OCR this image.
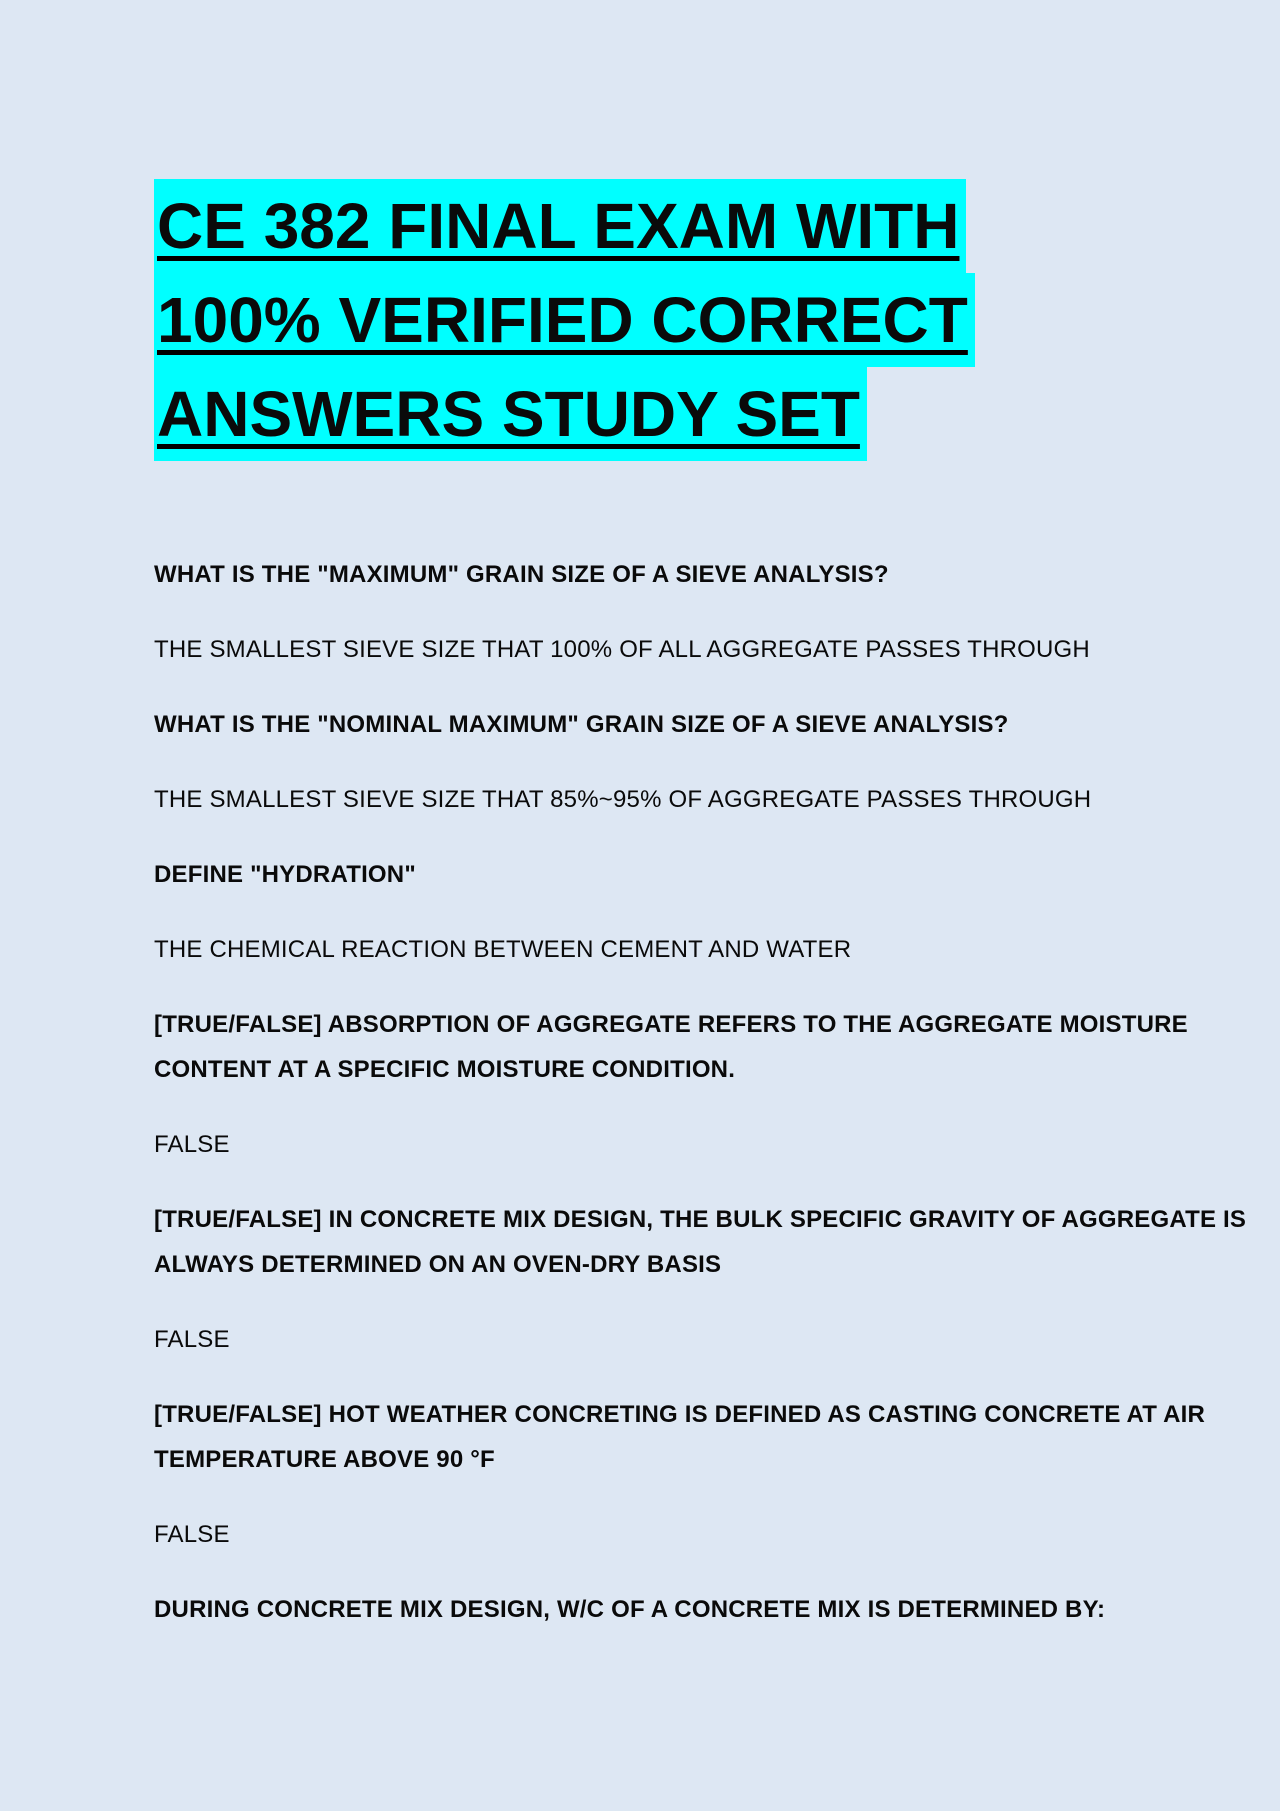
CE 382 FINAL EXAM WITH
100% VERIFIED CORRECT
ANSWERS STUDY SET
WHAT IS THE "MAXIMUM" GRAIN SIZE OF A SIEVE ANALYSIS?
THE SMALLEST SIEVE SIZE THAT 100% OF ALL AGGREGATE PASSES THROUGH
WHAT IS THE "NOMINAL MAXIMUM" GRAIN SIZE OF A SIEVE ANALYSIS?
THE SMALLEST SIEVE SIZE THAT 85%~95% OF AGGREGATE PASSES THROUGH
DEFINE "HYDRATION"
THE CHEMICAL REACTION BETWEEN CEMENT AND WATER
[TRUE/FALSE] ABSORPTION OF AGGREGATE REFERS TO THE AGGREGATE MOISTURE
CONTENT AT A SPECIFIC MOISTURE CONDITION.
FALSE
[TRUE/FALSE] IN CONCRETE MIX DESIGN, THE BULK SPECIFIC GRAVITY OF AGGREGATE IS
ALWAYS DETERMINED ON AN OVEN-DRY BASIS
FALSE
[TRUE/FALSE] HOT WEATHER CONCRETING IS DEFINED AS CASTING CONCRETE AT AIR
TEMPERATURE ABOVE 90 °F
FALSE
DURING CONCRETE MIX DESIGN, W/C OF A CONCRETE MIX IS DETERMINED BY:
